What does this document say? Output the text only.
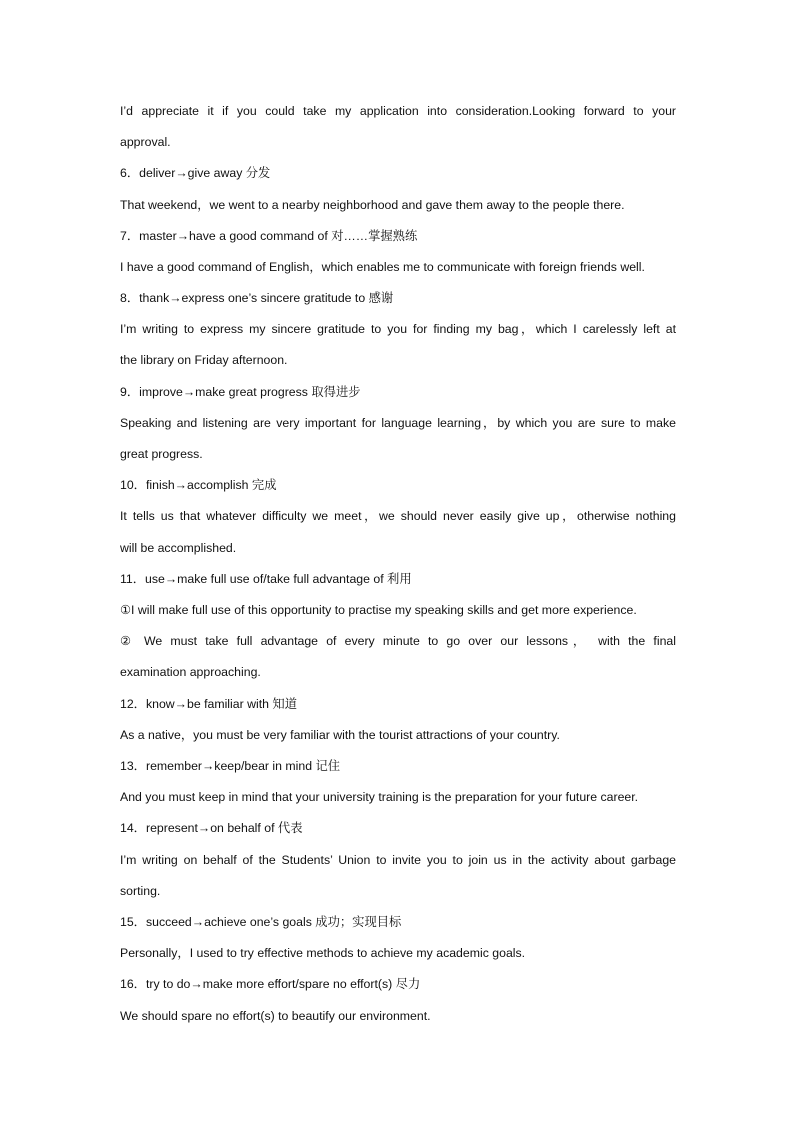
I’d appreciate it if you could take my application into consideration.Looking forward to your
approval.
6．deliver→give away 分发
That weekend，we went to a nearby neighborhood and gave them away to the people there.
7．master→have a good command of 对……掌握熟练
I have a good command of English，which enables me to communicate with foreign friends well.
8．thank→express one’s sincere gratitude to 感谢
I’m writing to express my sincere gratitude to you for finding my bag，which I carelessly left at
the library on Friday afternoon.
9．improve→make great progress 取得进步
Speaking and listening are very important for language learning，by which you are sure to make
great progress.
10．finish→accomplish 完成
It tells us that whatever difficulty we meet，we should never easily give up，otherwise nothing
will be accomplished.
11．use→make full use of/take full advantage of 利用
①I will make full use of this opportunity to practise my speaking skills and get more experience.
② We must take full advantage of every minute to go over our lessons， with the final
examination approaching.
12．know→be familiar with 知道
As a native，you must be very familiar with the tourist attractions of your country.
13．remember→keep/bear in mind 记住
And you must keep in mind that your university training is the preparation for your future career.
14．represent→on behalf of 代表
I’m writing on behalf of the Students’ Union to invite you to join us in the activity about garbage
sorting.
15．succeed→achieve one’s goals 成功；实现目标
Personally，I used to try effective methods to achieve my academic goals.
16．try to do→make more effort/spare no effort(s) 尽力
We should spare no effort(s) to beautify our environment.
